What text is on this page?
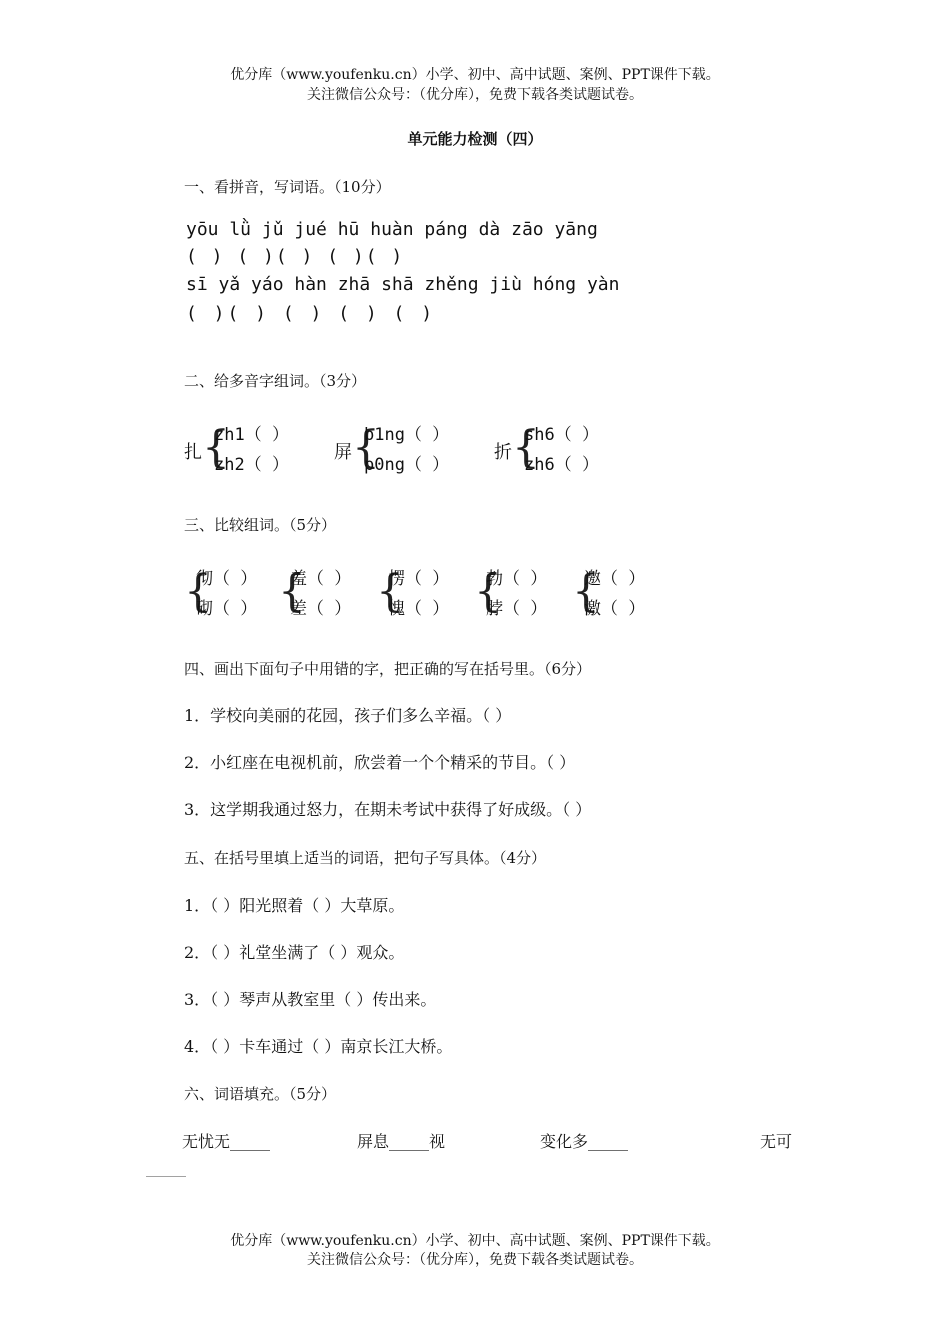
优分库（www.youfenku.cn）小学、初中、高中试题、案例、PPT课件下载。
关注微信公众号：（优分库），免费下载各类试题试卷。
单元能力检测（四）
一、看拼音，写词语。（10分）
yōu lǜ jǔ jué hū huàn páng dà zāo yāng
( ) ( )( ) ( )( )
sī yǎ yáo hàn zhā shā zhěng jiù hóng yàn
( )( ) ( ) ( ) ( )
二、给多音字组词。（3分）
扎 {
zh1（ ）
zh2（ ）
屏 {
b1ng（ ）
p0ng（ ）
折 {
sh6（ ）
zh6（ ）
三、比较组词。（5分）
{
彻（ ）
砌（ ） {
羞（ ）
差（ ） {
愣（ ）
愧（ ） {
勃（ ）
脖（ ） {
邀（ ）
激（ ）
四、画出下面句子中用错的字，把正确的写在括号里。（6分）
1．学校向美丽的花园，孩子们多么辛福。（ ）
2．小红座在电视机前，欣尝着一个个精采的节目。（ ）
3．这学期我通过怒力，在期未考试中获得了好成级。（ ）
五、在括号里填上适当的词语，把句子写具体。（4分）
1．（ ）阳光照着（ ）大草原。
2．（ ）礼堂坐满了（ ）观众。
3．（ ）琴声从教室里（ ）传出来。
4．（ ）卡车通过（ ）南京长江大桥。
六、词语填充。（5分）
无忧无_____	屏息_____视	变化多_____	无可
_____
优分库（www.youfenku.cn）小学、初中、高中试题、案例、PPT课件下载。
关注微信公众号：（优分库），免费下载各类试题试卷。
